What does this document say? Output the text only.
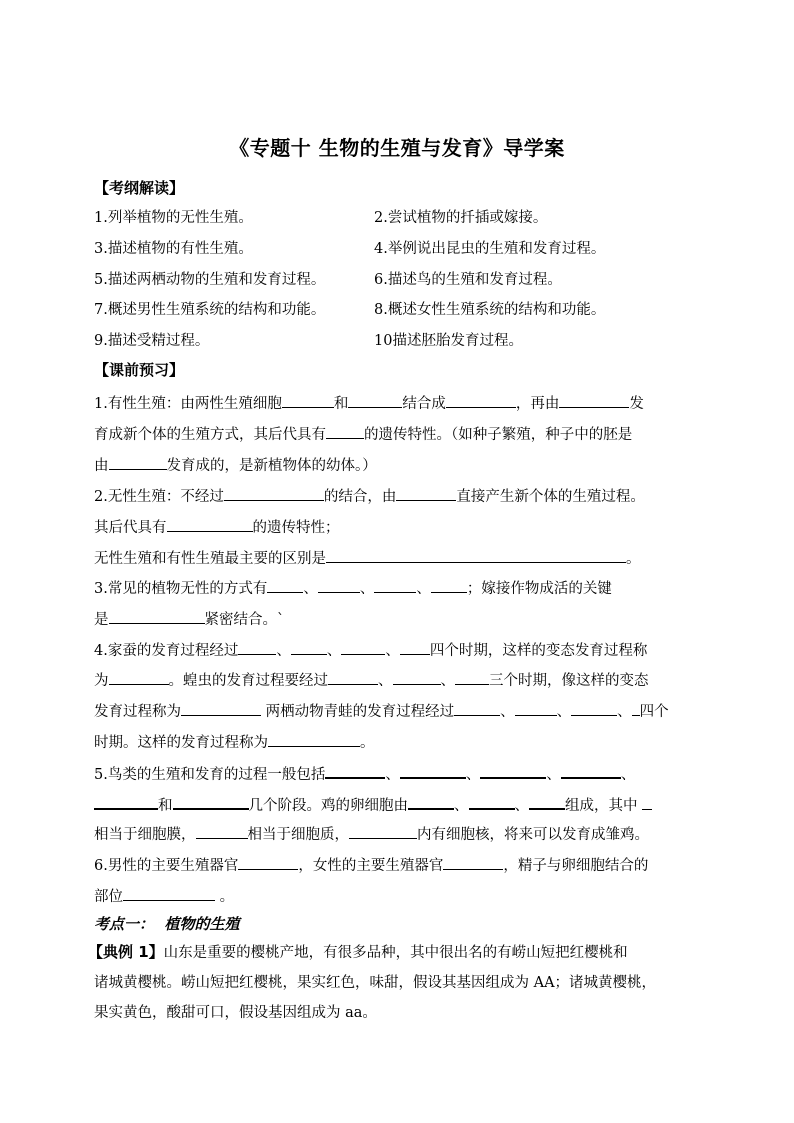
《专题十 生物的生殖与发育》导学案
【考纲解读】
1.列举植物的无性生殖。	2.尝试植物的扦插或嫁接。
3.描述植物的有性生殖。	4.举例说出昆虫的生殖和发育过程。
5.描述两栖动物的生殖和发育过程。	6.描述鸟的生殖和发育过程。
7.概述男性生殖系统的结构和功能。	8.概述女性生殖系统的结构和功能。
9.描述受精过程。	10描述胚胎发育过程。
【课前预习】
1.有性生殖：由两性生殖细胞	和	结合成	，再由	发
育成新个体的生殖方式，其后代具有	的遗传特性。（如种子繁殖，种子中的胚是
由	发育成的，是新植物体的幼体。）
2.无性生殖：不经过	的结合，由	直接产生新个体的生殖过程。
其后代具有	的遗传特性；
无性生殖和有性生殖最主要的区别是	。
3.常见的植物无性的方式有 、	、	、 ；嫁接作物成活的关键
是	紧密结合。`
4.家蚕的发育过程经过	、 、	、 四个时期，这样的变态发育过程称
为	。蝗虫的发育过程要经过	、	、 三个时期，像这样的变态
发育过程称为	两栖动物青蛙的发育过程经过	、	、	、 四个
时期。这样的发育过程称为	。
5.鸟类的生殖和发育的过程一般包括	、	、	、	、
和	几个阶段。鸡的卵细胞由	、	、 组成，其中
相当于细胞膜，	相当于细胞质，	内有细胞核，将来可以发育成雏鸡。
6.男性的主要生殖器官	，女性的主要生殖器官	，精子与卵细胞结合的
部位	。
考点一： 植物的生殖
【典例 1】山东是重要的樱桃产地，有很多品种，其中很出名的有崂山短把红樱桃和
诸城黄樱桃。崂山短把红樱桃，果实红色，味甜，假设其基因组成为 AA；诸城黄樱桃，
果实黄色，酸甜可口，假设基因组成为 aa。
